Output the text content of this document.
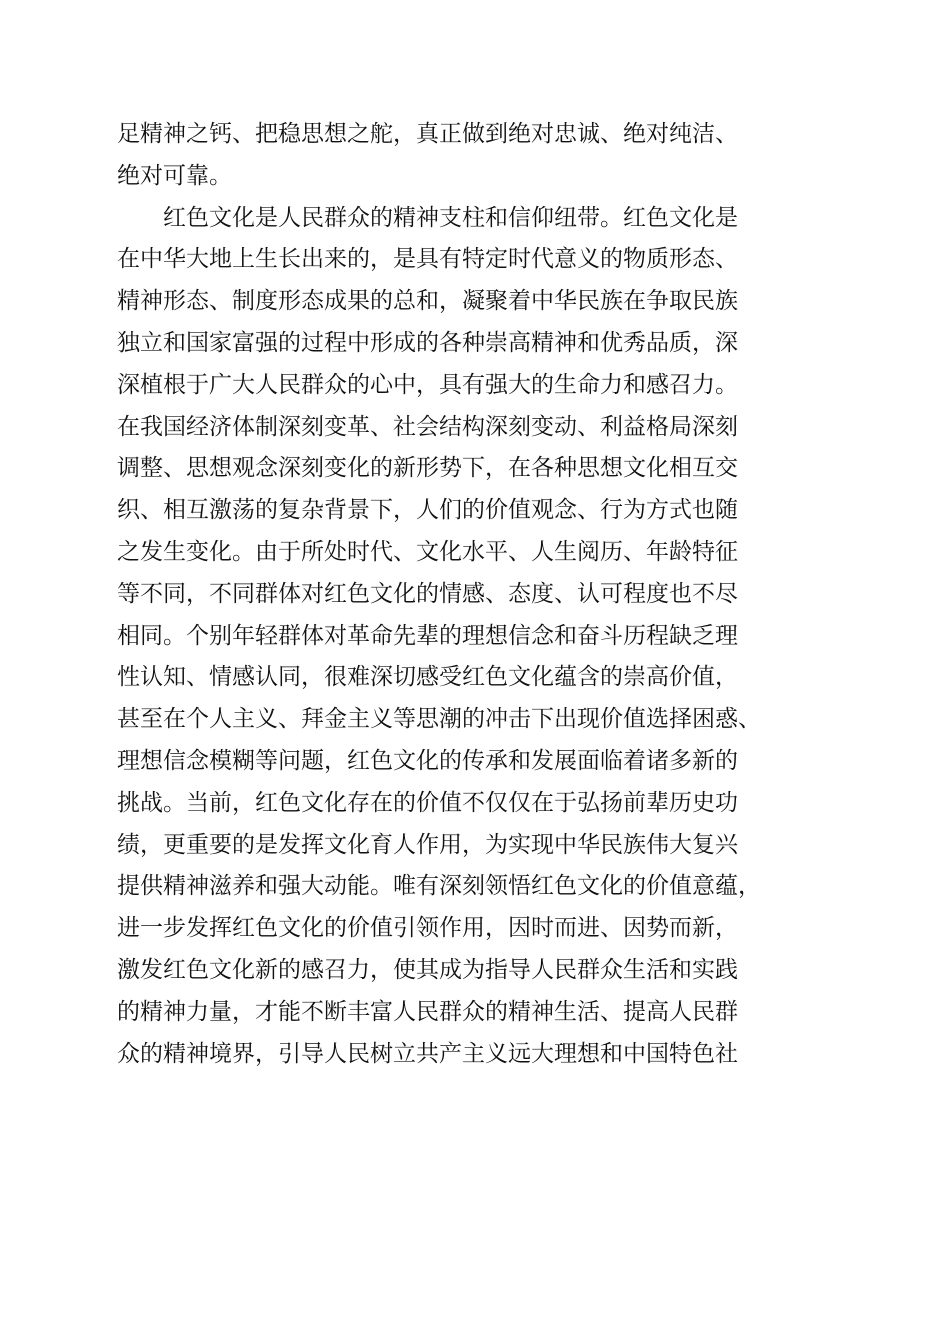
足精神之钙、把稳思想之舵，真正做到绝对忠诚、绝对纯洁、
绝对可靠。
　　红色文化是人民群众的精神支柱和信仰纽带。红色文化是
在中华大地上生长出来的，是具有特定时代意义的物质形态、
精神形态、制度形态成果的总和，凝聚着中华民族在争取民族
独立和国家富强的过程中形成的各种崇高精神和优秀品质，深
深植根于广大人民群众的心中，具有强大的生命力和感召力。
在我国经济体制深刻变革、社会结构深刻变动、利益格局深刻
调整、思想观念深刻变化的新形势下，在各种思想文化相互交
织、相互激荡的复杂背景下，人们的价值观念、行为方式也随
之发生变化。由于所处时代、文化水平、人生阅历、年龄特征
等不同，不同群体对红色文化的情感、态度、认可程度也不尽
相同。个别年轻群体对革命先辈的理想信念和奋斗历程缺乏理
性认知、情感认同，很难深切感受红色文化蕴含的崇高价值，
甚至在个人主义、拜金主义等思潮的冲击下出现价值选择困惑、
理想信念模糊等问题，红色文化的传承和发展面临着诸多新的
挑战。当前，红色文化存在的价值不仅仅在于弘扬前辈历史功
绩，更重要的是发挥文化育人作用，为实现中华民族伟大复兴
提供精神滋养和强大动能。唯有深刻领悟红色文化的价值意蕴，
进一步发挥红色文化的价值引领作用，因时而进、因势而新，
激发红色文化新的感召力，使其成为指导人民群众生活和实践
的精神力量，才能不断丰富人民群众的精神生活、提高人民群
众的精神境界，引导人民树立共产主义远大理想和中国特色社
